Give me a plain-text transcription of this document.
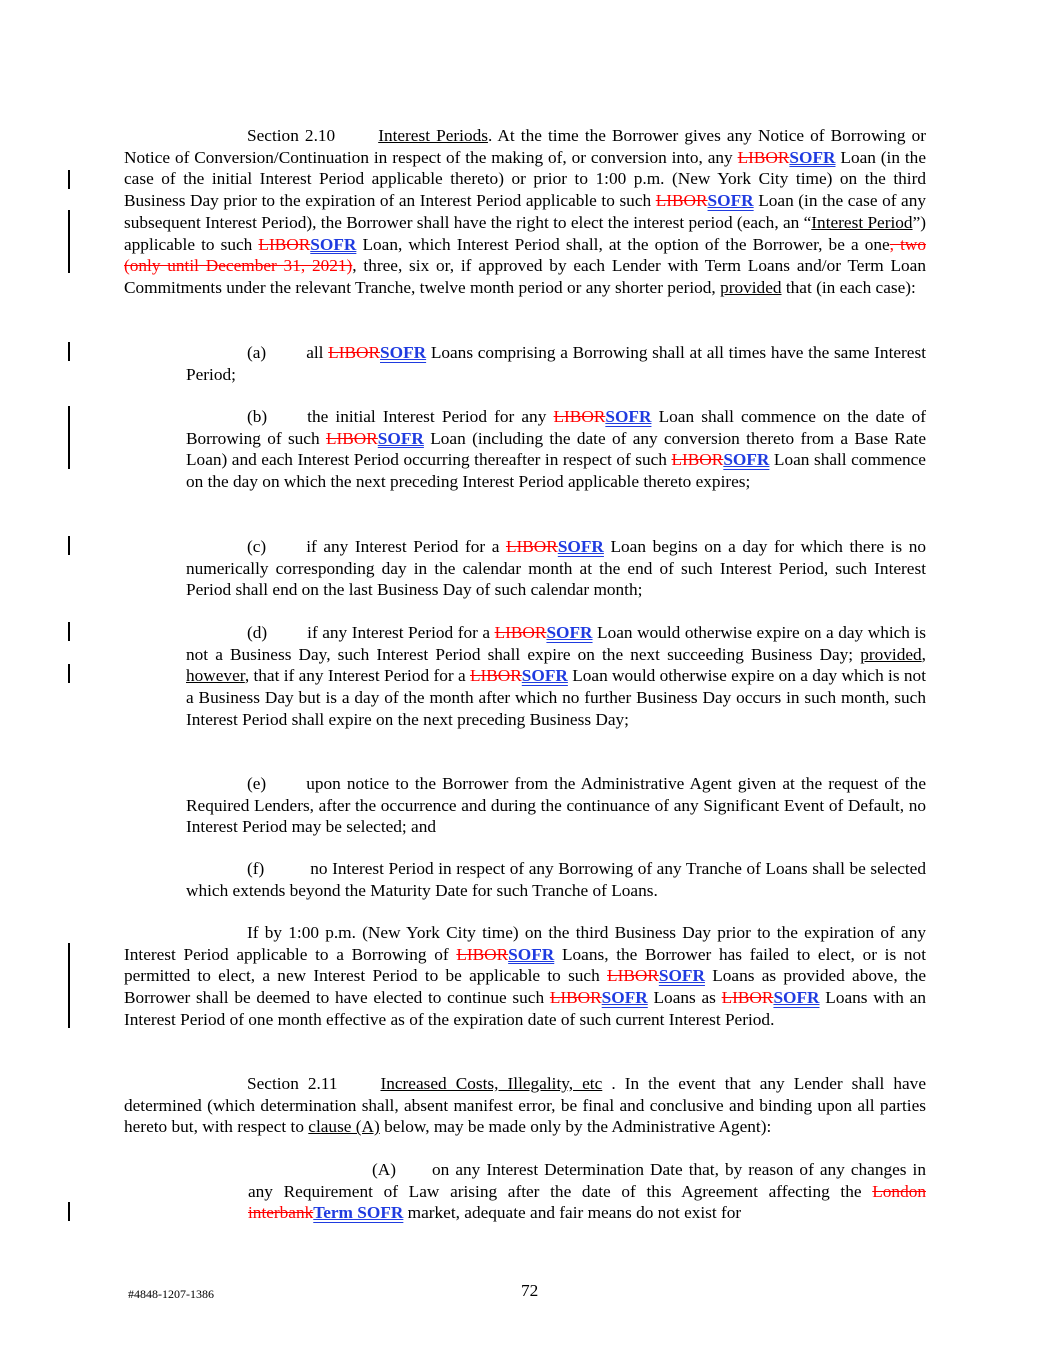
Section 2.10 Interest Periods. At the time the Borrower gives any Notice of Borrowing or Notice of Conversion/Continuation in respect of the making of, or conversion into, any LIBORSOFR Loan (in the case of the initial Interest Period applicable thereto) or prior to 1:00 p.m. (New York City time) on the third Business Day prior to the expiration of an Interest Period applicable to such LIBORSOFR Loan (in the case of any subsequent Interest Period), the Borrower shall have the right to elect the interest period (each, an “Interest Period”) applicable to such LIBORSOFR Loan, which Interest Period shall, at the option of the Borrower, be a one, two (only until December 31, 2021), three, six or, if approved by each Lender with Term Loans and/or Term Loan Commitments under the relevant Tranche, twelve month period or any shorter period, provided that (in each case):

(a) all LIBORSOFR Loans comprising a Borrowing shall at all times have the same Interest Period;

(b) the initial Interest Period for any LIBORSOFR Loan shall commence on the date of Borrowing of such LIBORSOFR Loan (including the date of any conversion thereto from a Base Rate Loan) and each Interest Period occurring thereafter in respect of such LIBORSOFR Loan shall commence on the day on which the next preceding Interest Period applicable thereto expires;

(c) if any Interest Period for a LIBORSOFR Loan begins on a day for which there is no numerically corresponding day in the calendar month at the end of such Interest Period, such Interest Period shall end on the last Business Day of such calendar month;

(d) if any Interest Period for a LIBORSOFR Loan would otherwise expire on a day which is not a Business Day, such Interest Period shall expire on the next succeeding Business Day; provided, however, that if any Interest Period for a LIBORSOFR Loan would otherwise expire on a day which is not a Business Day but is a day of the month after which no further Business Day occurs in such month, such Interest Period shall expire on the next preceding Business Day;

(e) upon notice to the Borrower from the Administrative Agent given at the request of the Required Lenders, after the occurrence and during the continuance of any Significant Event of Default, no Interest Period may be selected; and

(f)	no Interest Period in respect of any Borrowing of any Tranche of Loans shall be selected which extends beyond the Maturity Date for such Tranche of Loans.

If by 1:00 p.m. (New York City time) on the third Business Day prior to the expiration of any Interest Period applicable to a Borrowing of LIBORSOFR Loans, the Borrower has failed to elect, or is not permitted to elect, a new Interest Period to be applicable to such LIBORSOFR Loans as provided above, the Borrower shall be deemed to have elected to continue such LIBORSOFR Loans as LIBORSOFR Loans with an Interest Period of one month effective as of the expiration date of such current Interest Period.

Section 2.11 Increased Costs, Illegality, etc . In the event that any Lender shall have determined (which determination shall, absent manifest error, be final and conclusive and binding upon all parties hereto but, with respect to clause (A) below, may be made only by the Administrative Agent):

(A) on any Interest Determination Date that, by reason of any changes in any Requirement of Law arising after the date of this Agreement affecting the London interbankTerm SOFR market, adequate and fair means do not exist for

#4848-1207-1386	72
